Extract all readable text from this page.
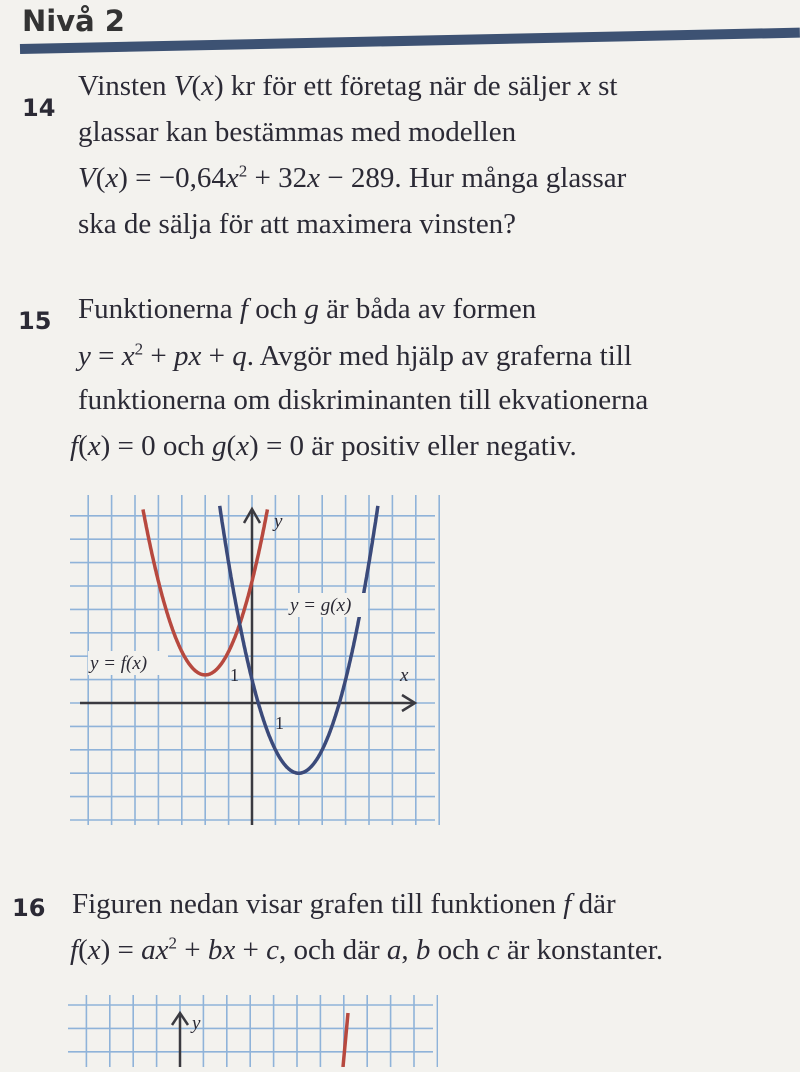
Nivå 2
14
Vinsten V(x) kr för ett företag när de säljer x st
glassar kan bestämmas med modellen
$V(x) = -0,64x^2 + 32x - 289$. Hur många glassar
ska de sälja för att maximera vinsten?
15 Funktionerna f och g är båda av formen
$y = x^2$ + px + q. Avgör med hjälp av graferna till
funktionerna om diskriminanten till ekvationerna
f(x) = 0 och g(x) = 0 är positiv eller negativ.
y = f(x)
y = g(x)
y
x
1
1
16 Figuren nedan visar grafen till funktionen f där
$f(x) = ax^2$ + bx + c, och där a, b och c är konstanter.
y
